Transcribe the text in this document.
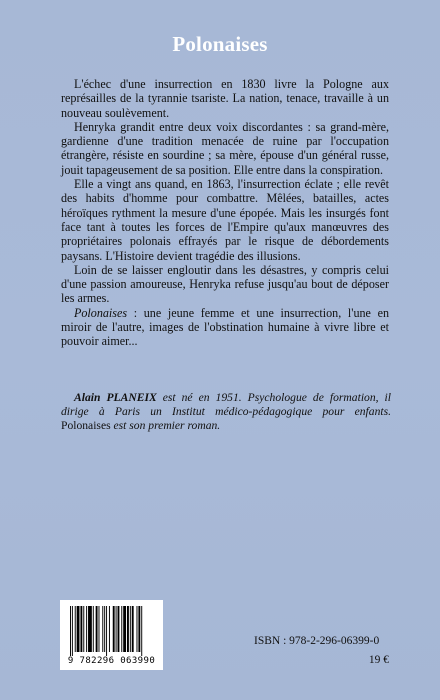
Polonaises

L'échec d'une insurrection en 1830 livre la Pologne aux représailles de la tyrannie tsariste. La nation, tenace, travaille à un nouveau soulèvement.

Henryka grandit entre deux voix discordantes : sa grand-mère, gardienne d'une tradition menacée de ruine par l'occupation étrangère, résiste en sourdine ; sa mère, épouse d'un général russe, jouit tapageusement de sa position. Elle entre dans la conspiration.

Elle a vingt ans quand, en 1863, l'insurrection éclate ; elle revêt des habits d'homme pour combattre. Mêlées, batailles, actes héroïques rythment la mesure d'une épopée. Mais les insurgés font face tant à toutes les forces de l'Empire qu'aux manœuvres des propriétaires polonais effrayés par le risque de débordements paysans. L'Histoire devient tragédie des illusions.

Loin de se laisser engloutir dans les désastres, y compris celui d'une passion amoureuse, Henryka refuse jusqu'au bout de déposer les armes.

Polonaises : une jeune femme et une insurrection, l'une en miroir de l'autre, images de l'obstination humaine à vivre libre et pouvoir aimer...

Alain PLANEIX est né en 1951. Psychologue de formation, il dirige à Paris un Institut médico-pédagogique pour enfants. Polonaises est son premier roman.
9 782296 063990
ISBN : 978-2-296-06399-0
19 €
